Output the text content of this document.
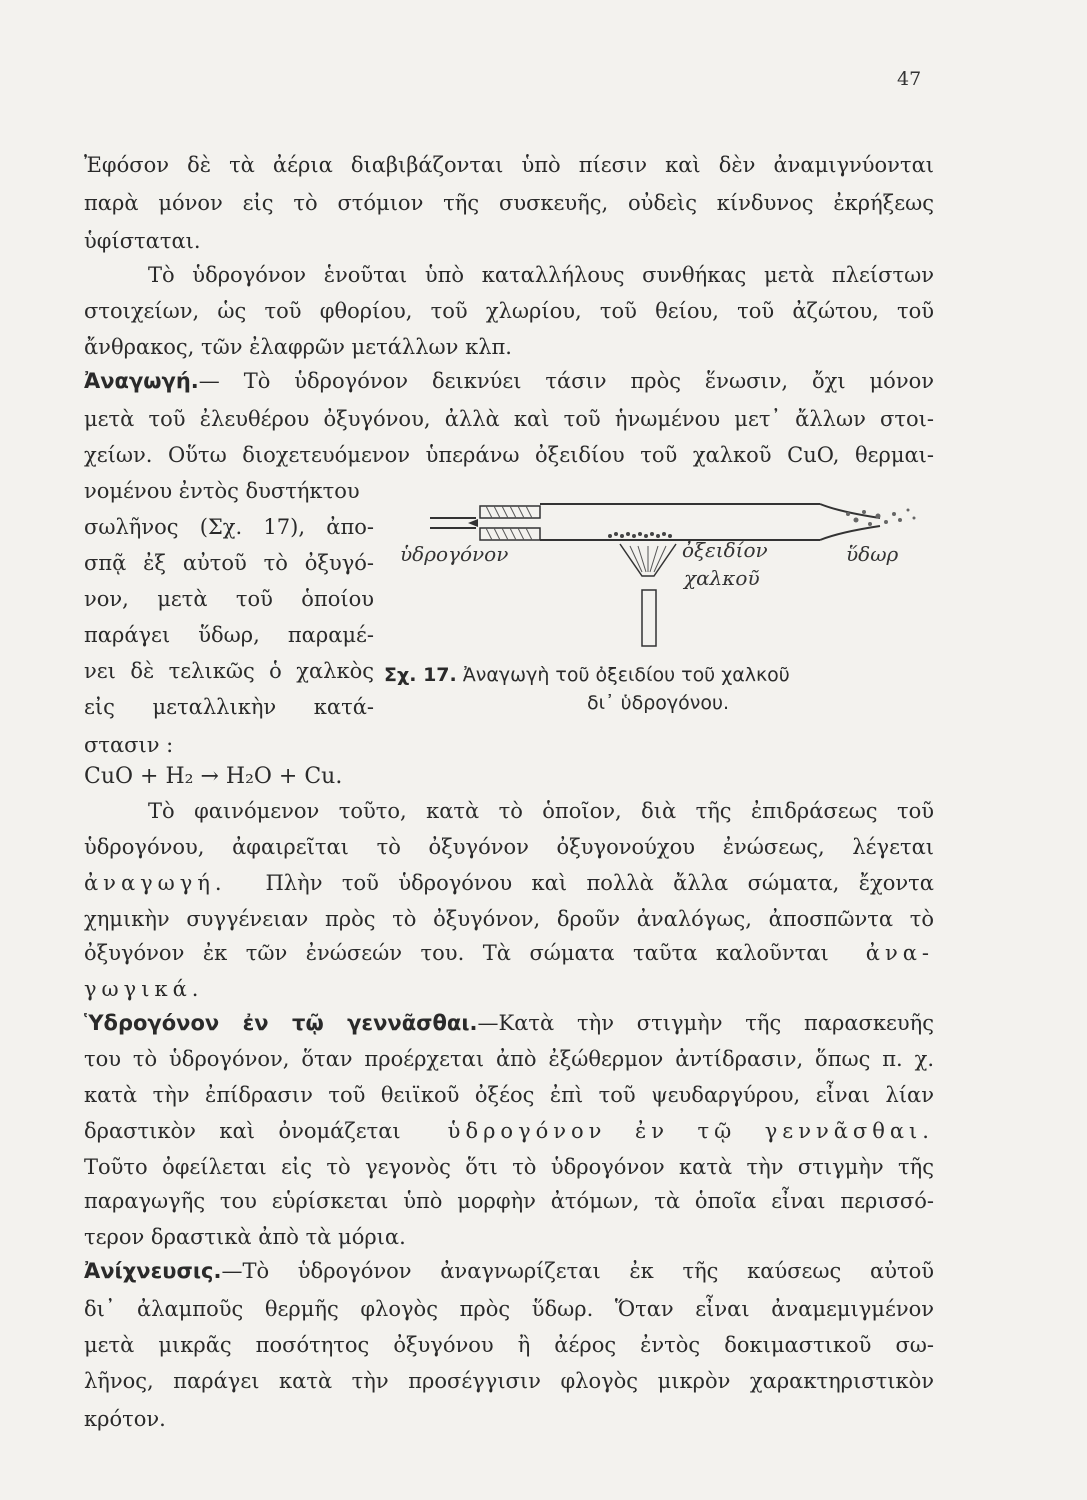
47
Ἐφόσον δὲ τὰ ἀέρια διαβιβάζονται ὑπὸ πίεσιν καὶ δὲν ἀναμιγνύονται
παρὰ μόνον εἰς τὸ στόμιον τῆς συσκευῆς, οὐδεὶς κίνδυνος ἐκρήξεως
ὑφίσταται.
Τὸ ὑδρογόνον ἑνοῦται ὑπὸ καταλλήλους συνθήκας μετὰ πλείστων
στοιχείων, ὡς τοῦ φθορίου, τοῦ χλωρίου, τοῦ θείου, τοῦ ἀζώτου, τοῦ
ἄνθρακος, τῶν ἐλαφρῶν μετάλλων κλπ.
Ἀναγωγή.— Τὸ ὑδρογόνον δεικνύει τάσιν πρὸς ἕνωσιν, ὄχι μόνον
μετὰ τοῦ ἐλευθέρου ὀξυγόνου, ἀλλὰ καὶ τοῦ ἡνωμένου μετ᾽ ἄλλων στοι-
χείων. Οὕτω διοχετευόμενον ὑπεράνω ὀξειδίου τοῦ χαλκοῦ CuO, θερμαι-
νομένου ἐντὸς δυστήκτου
σωλῆνος (Σχ. 17), ἀπο-
σπᾷ ἐξ αὐτοῦ τὸ ὀξυγό-
νον, μετὰ τοῦ ὁποίου
παράγει ὕδωρ, παραμέ-
νει δὲ τελικῶς ὁ χαλκὸς
εἰς μεταλλικὴν κατά-
στασιν :
CuO + H₂ → H₂O + Cu.
ὑδρογόνον	ὀξειδίον
χαλκοῦ
ὕδωρ
Σχ. 17. Ἀναγωγὴ τοῦ ὀξειδίου τοῦ χαλκοῦ
δι᾽ ὑδρογόνου.
Τὸ φαινόμενον τοῦτο, κατὰ τὸ ὁποῖον, διὰ τῆς ἐπιδράσεως τοῦ
ὑδρογόνου, ἀφαιρεῖται τὸ ὀξυγόνον ὀξυγονούχου ἐνώσεως, λέγεται
ἀναγωγή. Πλὴν τοῦ ὑδρογόνου καὶ πολλὰ ἄλλα σώματα, ἔχοντα
χημικὴν συγγένειαν πρὸς τὸ ὀξυγόνον, δροῦν ἀναλόγως, ἀποσπῶντα τὸ
ὀξυγόνον ἐκ τῶν ἐνώσεών του. Τὰ σώματα ταῦτα καλοῦνται ἀνα-
γωγικά.
Ὑδρογόνον ἐν τῷ γεννᾶσθαι.—Κατὰ τὴν στιγμὴν τῆς παρασκευῆς
του τὸ ὑδρογόνον, ὅταν προέρχεται ἀπὸ ἐξώθερμον ἀντίδρασιν, ὅπως π. χ.
κατὰ τὴν ἐπίδρασιν τοῦ θειϊκοῦ ὀξέος ἐπὶ τοῦ ψευδαργύρου, εἶναι λίαν
δραστικὸν καὶ ὀνομάζεται ὑδρογόνον ἐν τῷ γεννᾶσθαι.
Τοῦτο ὀφείλεται εἰς τὸ γεγονὸς ὅτι τὸ ὑδρογόνον κατὰ τὴν στιγμὴν τῆς
παραγωγῆς του εὑρίσκεται ὑπὸ μορφὴν ἀτόμων, τὰ ὁποῖα εἶναι περισσό-
τερον δραστικὰ ἀπὸ τὰ μόρια.
Ἀνίχνευσις.—Τὸ ὑδρογόνον ἀναγνωρίζεται ἐκ τῆς καύσεως αὐτοῦ
δι᾽ ἀλαμποῦς θερμῆς φλογὸς πρὸς ὕδωρ. Ὅταν εἶναι ἀναμεμιγμένον
μετὰ μικρᾶς ποσότητος ὀξυγόνου ἢ ἀέρος ἐντὸς δοκιμαστικοῦ σω-
λῆνος, παράγει κατὰ τὴν προσέγγισιν φλογὸς μικρὸν χαρακτηριστικὸν
κρότον.
